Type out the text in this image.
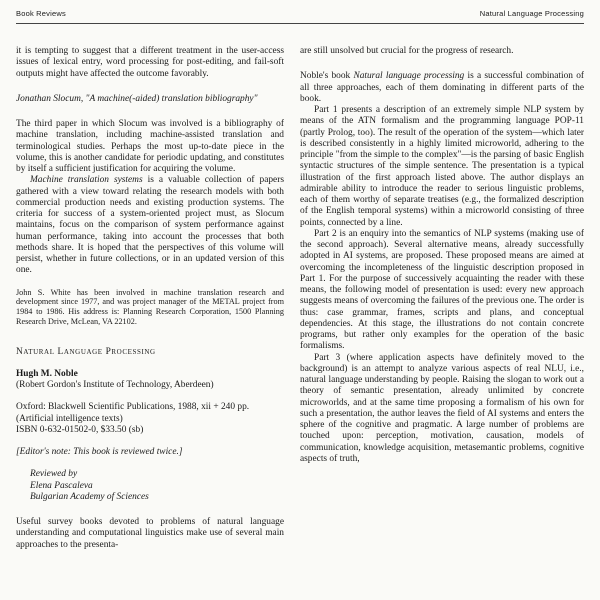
Book Reviews	Natural Language Processing

it is tempting to suggest that a different treatment in the user-access issues of lexical entry, word processing for post-editing, and fail-soft outputs might have affected the outcome favorably.

Jonathan Slocum, "A machine(-aided) translation bibliography"

The third paper in which Slocum was involved is a bibliography of machine translation, including machine-assisted translation and terminological studies. Perhaps the most up-to-date piece in the volume, this is another candidate for periodic updating, and constitutes by itself a sufficient justification for acquiring the volume.

Machine translation systems is a valuable collection of papers gathered with a view toward relating the research models with both commercial production needs and existing production systems. The criteria for success of a system-oriented project must, as Slocum maintains, focus on the comparison of system performance against human performance, taking into account the processes that both methods share. It is hoped that the perspectives of this volume will persist, whether in future collections, or in an updated version of this one.

John S. White has been involved in machine translation research and development since 1977, and was project manager of the METAL project from 1984 to 1986. His address is: Planning Research Corporation, 1500 Planning Research Drive, McLean, VA 22102.

Natural Language Processing

Hugh M. Noble

(Robert Gordon's Institute of Technology, Aberdeen)

Oxford: Blackwell Scientific Publications, 1988, xii + 240 pp.

(Artificial intelligence texts)

ISBN 0-632-01502-0, $33.50 (sb)

[Editor's note: This book is reviewed twice.]

Reviewed by

Elena Pascaleva

Bulgarian Academy of Sciences

Useful survey books devoted to problems of natural language understanding and computational linguistics make use of several main approaches to the presenta-

are still unsolved but crucial for the progress of research.

Noble's book Natural language processing is a successful combination of all three approaches, each of them dominating in different parts of the book.

Part 1 presents a description of an extremely simple NLP system by means of the ATN formalism and the programming language POP-11 (partly Prolog, too). The result of the operation of the system—which later is described consistently in a highly limited microworld, adhering to the principle "from the simple to the complex"—is the parsing of basic English syntactic structures of the simple sentence. The presentation is a typical illustration of the first approach listed above. The author displays an admirable ability to introduce the reader to serious linguistic problems, each of them worthy of separate treatises (e.g., the formalized description of the English temporal systems) within a microworld consisting of three points, connected by a line.

Part 2 is an enquiry into the semantics of NLP systems (making use of the second approach). Several alternative means, already successfully adopted in AI systems, are proposed. These proposed means are aimed at overcoming the incompleteness of the linguistic description proposed in Part 1. For the purpose of successively acquainting the reader with these means, the following model of presentation is used: every new approach suggests means of overcoming the failures of the previous one. The order is thus: case grammar, frames, scripts and plans, and conceptual dependencies. At this stage, the illustrations do not contain concrete programs, but rather only examples for the operation of the basic formalisms.

Part 3 (where application aspects have definitely moved to the background) is an attempt to analyze various aspects of real NLU, i.e., natural language understanding by people. Raising the slogan to work out a theory of semantic presentation, already unlimited by concrete microworlds, and at the same time proposing a formalism of his own for such a presentation, the author leaves the field of AI systems and enters the sphere of the cognitive and pragmatic. A large number of problems are touched upon: perception, motivation, causation, models of communication, knowledge acquisition, metasemantic problems, cognitive aspects of truth,
